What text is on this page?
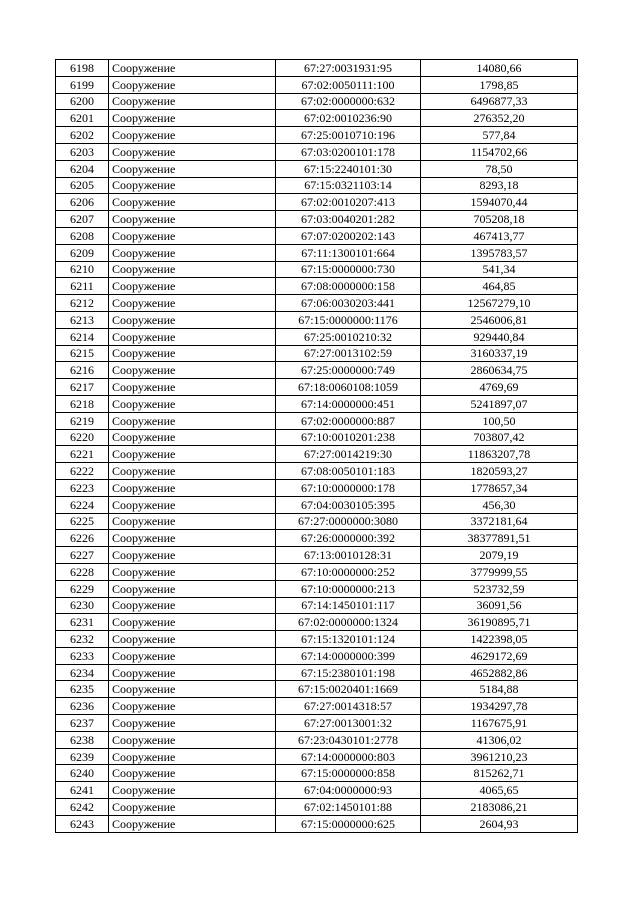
6198	Сооружение	67:27:0031931:95	14080,66
6199	Сооружение	67:02:0050111:100	1798,85
6200	Сооружение	67:02:0000000:632	6496877,33
6201	Сооружение	67:02:0010236:90	276352,20
6202	Сооружение	67:25:0010710:196	577,84
6203	Сооружение	67:03:0200101:178	1154702,66
6204	Сооружение	67:15:2240101:30	78,50
6205	Сооружение	67:15:0321103:14	8293,18
6206	Сооружение	67:02:0010207:413	1594070,44
6207	Сооружение	67:03:0040201:282	705208,18
6208	Сооружение	67:07:0200202:143	467413,77
6209	Сооружение	67:11:1300101:664	1395783,57
6210	Сооружение	67:15:0000000:730	541,34
6211	Сооружение	67:08:0000000:158	464,85
6212	Сооружение	67:06:0030203:441	12567279,10
6213	Сооружение	67:15:0000000:1176	2546006,81
6214	Сооружение	67:25:0010210:32	929440,84
6215	Сооружение	67:27:0013102:59	3160337,19
6216	Сооружение	67:25:0000000:749	2860634,75
6217	Сооружение	67:18:0060108:1059	4769,69
6218	Сооружение	67:14:0000000:451	5241897,07
6219	Сооружение	67:02:0000000:887	100,50
6220	Сооружение	67:10:0010201:238	703807,42
6221	Сооружение	67:27:0014219:30	11863207,78
6222	Сооружение	67:08:0050101:183	1820593,27
6223	Сооружение	67:10:0000000:178	1778657,34
6224	Сооружение	67:04:0030105:395	456,30
6225	Сооружение	67:27:0000000:3080	3372181,64
6226	Сооружение	67:26:0000000:392	38377891,51
6227	Сооружение	67:13:0010128:31	2079,19
6228	Сооружение	67:10:0000000:252	3779999,55
6229	Сооружение	67:10:0000000:213	523732,59
6230	Сооружение	67:14:1450101:117	36091,56
6231	Сооружение	67:02:0000000:1324	36190895,71
6232	Сооружение	67:15:1320101:124	1422398,05
6233	Сооружение	67:14:0000000:399	4629172,69
6234	Сооружение	67:15:2380101:198	4652882,86
6235	Сооружение	67:15:0020401:1669	5184,88
6236	Сооружение	67:27:0014318:57	1934297,78
6237	Сооружение	67:27:0013001:32	1167675,91
6238	Сооружение	67:23:0430101:2778	41306,02
6239	Сооружение	67:14:0000000:803	3961210,23
6240	Сооружение	67:15:0000000:858	815262,71
6241	Сооружение	67:04:0000000:93	4065,65
6242	Сооружение	67:02:1450101:88	2183086,21
6243	Сооружение	67:15:0000000:625	2604,93
